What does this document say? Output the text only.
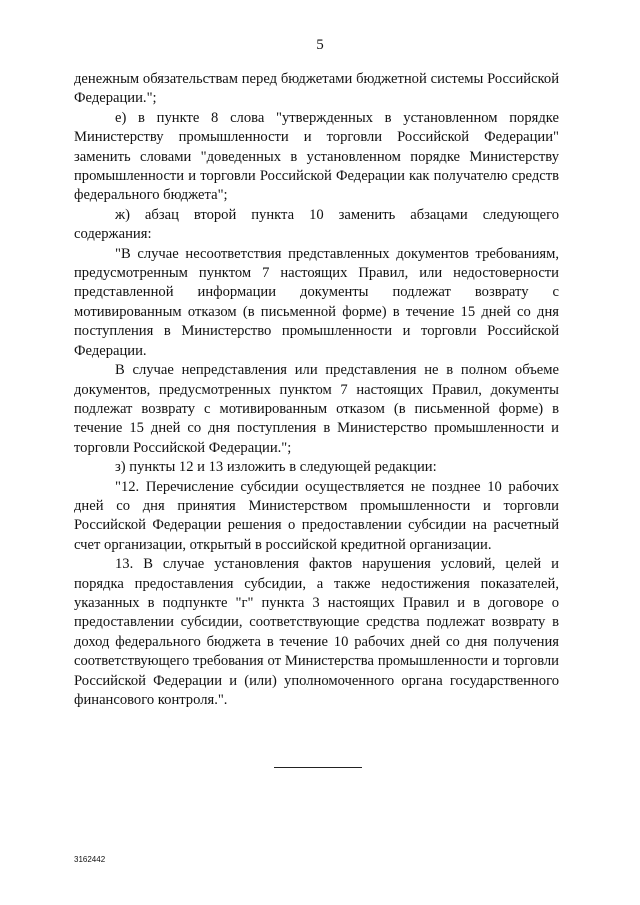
5

денежным обязательствам перед бюджетами бюджетной системы Российской Федерации.";

е) в пункте 8 слова "утвержденных в установленном порядке Министерству промышленности и торговли Российской Федерации" заменить словами "доведенных в установленном порядке Министерству промышленности и торговли Российской Федерации как получателю средств федерального бюджета";

ж) абзац второй пункта 10 заменить абзацами следующего содержания:

"В случае несоответствия представленных документов требованиям, предусмотренным пунктом 7 настоящих Правил, или недостоверности представленной информации документы подлежат возврату с мотивированным отказом (в письменной форме) в течение 15 дней со дня поступления в Министерство промышленности и торговли Российской Федерации.

В случае непредставления или представления не в полном объеме документов, предусмотренных пунктом 7 настоящих Правил, документы подлежат возврату с мотивированным отказом (в письменной форме) в течение 15 дней со дня поступления в Министерство промышленности и торговли Российской Федерации.";

з) пункты 12 и 13 изложить в следующей редакции:

"12. Перечисление субсидии осуществляется не позднее 10 рабочих дней со дня принятия Министерством промышленности и торговли Российской Федерации решения о предоставлении субсидии на расчетный счет организации, открытый в российской кредитной организации.

13. В случае установления фактов нарушения условий, целей и порядка предоставления субсидии, а также недостижения показателей, указанных в подпункте "г" пункта 3 настоящих Правил и в договоре о предоставлении субсидии, соответствующие средства подлежат возврату в доход федерального бюджета в течение 10 рабочих дней со дня получения соответствующего требования от Министерства промышленности и торговли Российской Федерации и (или) уполномоченного органа государственного финансового контроля.".

3162442
